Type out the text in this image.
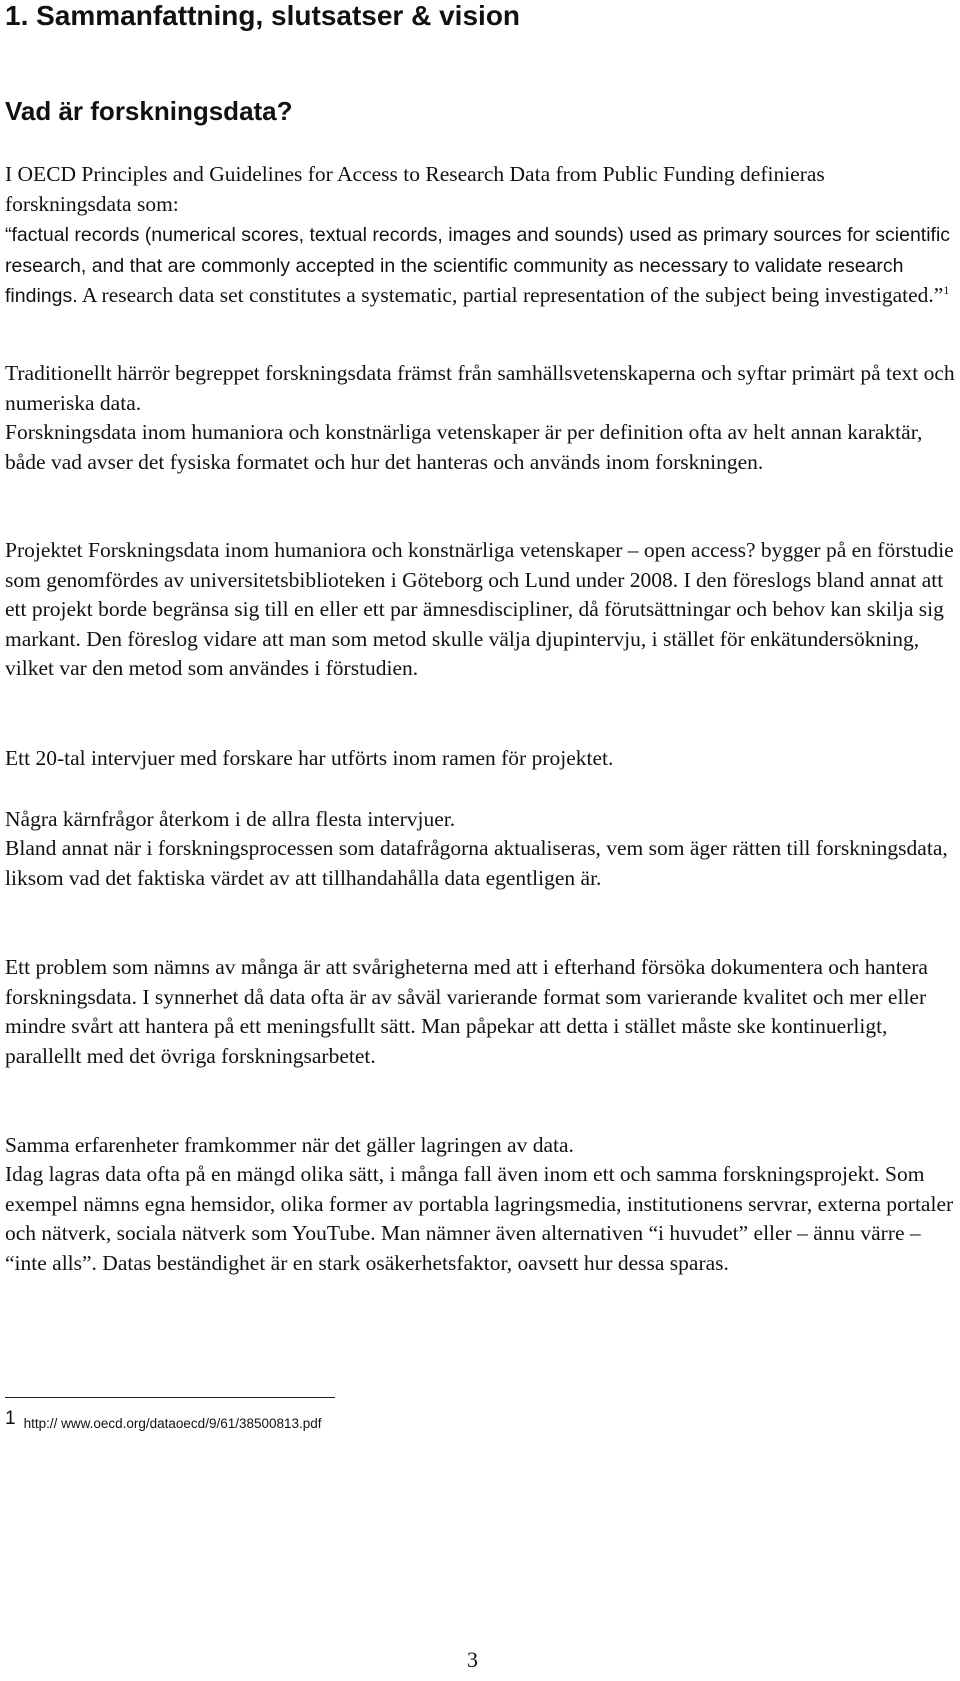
1. Sammanfattning, slutsatser & vision
Vad är forskningsdata?

I OECD Principles and Guidelines for Access to Research Data from Public Funding definieras forskningsdata som:

“factual records (numerical scores, textual records, images and sounds) used as primary sources for scientific research, and that are commonly accepted in the scientific community as necessary to validate research findings. A research data set constitutes a systematic, partial representation of the subject being investigated.”$^1$

Traditionellt härrör begreppet forskningsdata främst från samhällsvetenskaperna och syftar primärt på text och numeriska data.

Forskningsdata inom humaniora och konstnärliga vetenskaper är per definition ofta av helt annan karaktär, både vad avser det fysiska formatet och hur det hanteras och används inom forskningen.

Projektet Forskningsdata inom humaniora och konstnärliga vetenskaper – open access? bygger på en förstudie som genomfördes av universitetsbiblioteken i Göteborg och Lund under 2008. I den föreslogs bland annat att ett projekt borde begränsa sig till en eller ett par ämnesdiscipliner, då förutsättningar och behov kan skilja sig markant. Den föreslog vidare att man som metod skulle välja djupintervju, i stället för enkätundersökning, vilket var den metod som användes i förstudien.

Ett 20-tal intervjuer med forskare har utförts inom ramen för projektet.

Några kärnfrågor återkom i de allra flesta intervjuer.

Bland annat när i forskningsprocessen som datafrågorna aktualiseras, vem som äger rätten till forskningsdata, liksom vad det faktiska värdet av att tillhandahålla data egentligen är.

Ett problem som nämns av många är att svårigheterna med att i efterhand försöka dokumentera och hantera forskningsdata. I synnerhet då data ofta är av såväl varierande format som varierande kvalitet och mer eller mindre svårt att hantera på ett meningsfullt sätt. Man påpekar att detta i stället måste ske kontinuerligt, parallellt med det övriga forskningsarbetet.

Samma erfarenheter framkommer när det gäller lagringen av data.

Idag lagras data ofta på en mängd olika sätt, i många fall även inom ett och samma forskningsprojekt. Som exempel nämns egna hemsidor, olika former av portabla lagringsmedia, institutionens servrar, externa portaler och nätverk, sociala nätverk som YouTube. Man nämner även alternativen “i huvudet” eller – ännu värre – “inte alls”. Datas beständighet är en stark osäkerhetsfaktor, oavsett hur dessa sparas.

1 http:// www.oecd.org/dataoecd/9/61/38500813.pdf
3
